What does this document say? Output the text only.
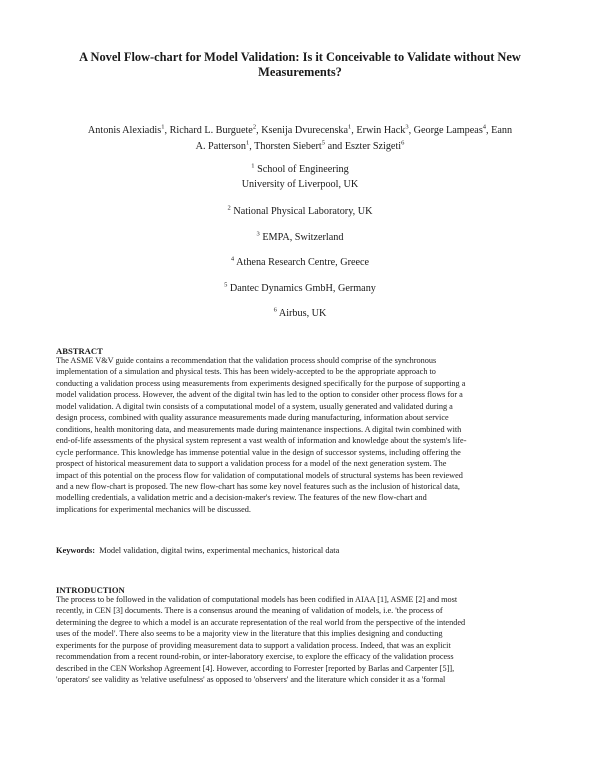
A Novel Flow-chart for Model Validation: Is it Conceivable to Validate without New
Measurements?
Antonis Alexiadis$^1$, Richard L. Burguete$^2$, Ksenija Dvurecenska$^1$, Erwin Hack$^3$, George Lampeas$^4$, Eann
A. Patterson$^1$, Thorsten Siebert$^5$ and Eszter Szigeti$^6$
$^1$ School of Engineering
University of Liverpool, UK
$^2$ National Physical Laboratory, UK
$^3$ EMPA, Switzerland
$^4$ Athena Research Centre, Greece
$^5$ Dantec Dynamics GmbH, Germany
$^6$ Airbus, UK
ABSTRACT
The ASME V&V guide contains a recommendation that the validation process should comprise of the synchronous
implementation of a simulation and physical tests. This has been widely-accepted to be the appropriate approach to
conducting a validation process using measurements from experiments designed specifically for the purpose of supporting a
model validation process. However, the advent of the digital twin has led to the option to consider other process flows for a
model validation. A digital twin consists of a computational model of a system, usually generated and validated during a
design process, combined with quality assurance measurements made during manufacturing, information about service
conditions, health monitoring data, and measurements made during maintenance inspections. A digital twin combined with
end-of-life assessments of the physical system represent a vast wealth of information and knowledge about the system's life-
cycle performance. This knowledge has immense potential value in the design of successor systems, including offering the
prospect of historical measurement data to support a validation process for a model of the next generation system. The
impact of this potential on the process flow for validation of computational models of structural systems has been reviewed
and a new flow-chart is proposed. The new flow-chart has some key novel features such as the inclusion of historical data,
modelling credentials, a validation metric and a decision-maker's review. The features of the new flow-chart and
implications for experimental mechanics will be discussed.
Keywords: Model validation, digital twins, experimental mechanics, historical data
INTRODUCTION
The process to be followed in the validation of computational models has been codified in AIAA [1], ASME [2] and most
recently, in CEN [3] documents. There is a consensus around the meaning of validation of models, i.e. 'the process of
determining the degree to which a model is an accurate representation of the real world from the perspective of the intended
uses of the model'. There also seems to be a majority view in the literature that this implies designing and conducting
experiments for the purpose of providing measurement data to support a validation process. Indeed, that was an explicit
recommendation from a recent round-robin, or inter-laboratory exercise, to explore the efficacy of the validation process
described in the CEN Workshop Agreement [4]. However, according to Forrester [reported by Barlas and Carpenter [5]],
'operators' see validity as 'relative usefulness' as opposed to 'observers' and the literature which consider it as a 'formal
